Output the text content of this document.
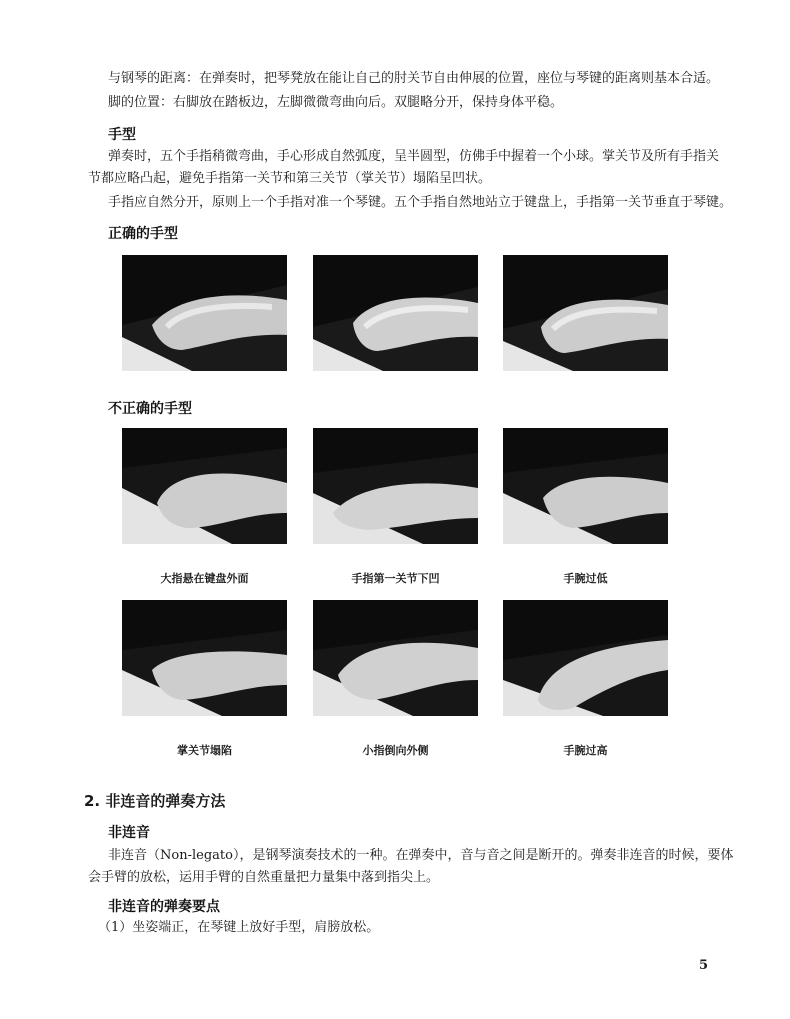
与钢琴的距离：在弹奏时，把琴凳放在能让自己的肘关节自由伸展的位置，座位与琴键的距离则基本合适。
脚的位置：右脚放在踏板边，左脚微微弯曲向后。双腿略分开，保持身体平稳。
手型
弹奏时，五个手指稍微弯曲，手心形成自然弧度，呈半圆型，仿佛手中握着一个小球。掌关节及所有手指关
节都应略凸起，避免手指第一关节和第三关节（掌关节）塌陷呈凹状。
手指应自然分开，原则上一个手指对准一个琴键。五个手指自然地站立于键盘上，手指第一关节垂直于琴键。
正确的手型
不正确的手型
大指悬在键盘外面	手指第一关节下凹	手腕过低
掌关节塌陷	小指倒向外侧	手腕过高
2. 非连音的弹奏方法
非连音
非连音（Non-legato），是钢琴演奏技术的一种。在弹奏中，音与音之间是断开的。弹奏非连音的时候，要体
会手臂的放松，运用手臂的自然重量把力量集中落到指尖上。
非连音的弹奏要点
（1）坐姿端正，在琴键上放好手型，肩膀放松。
5
